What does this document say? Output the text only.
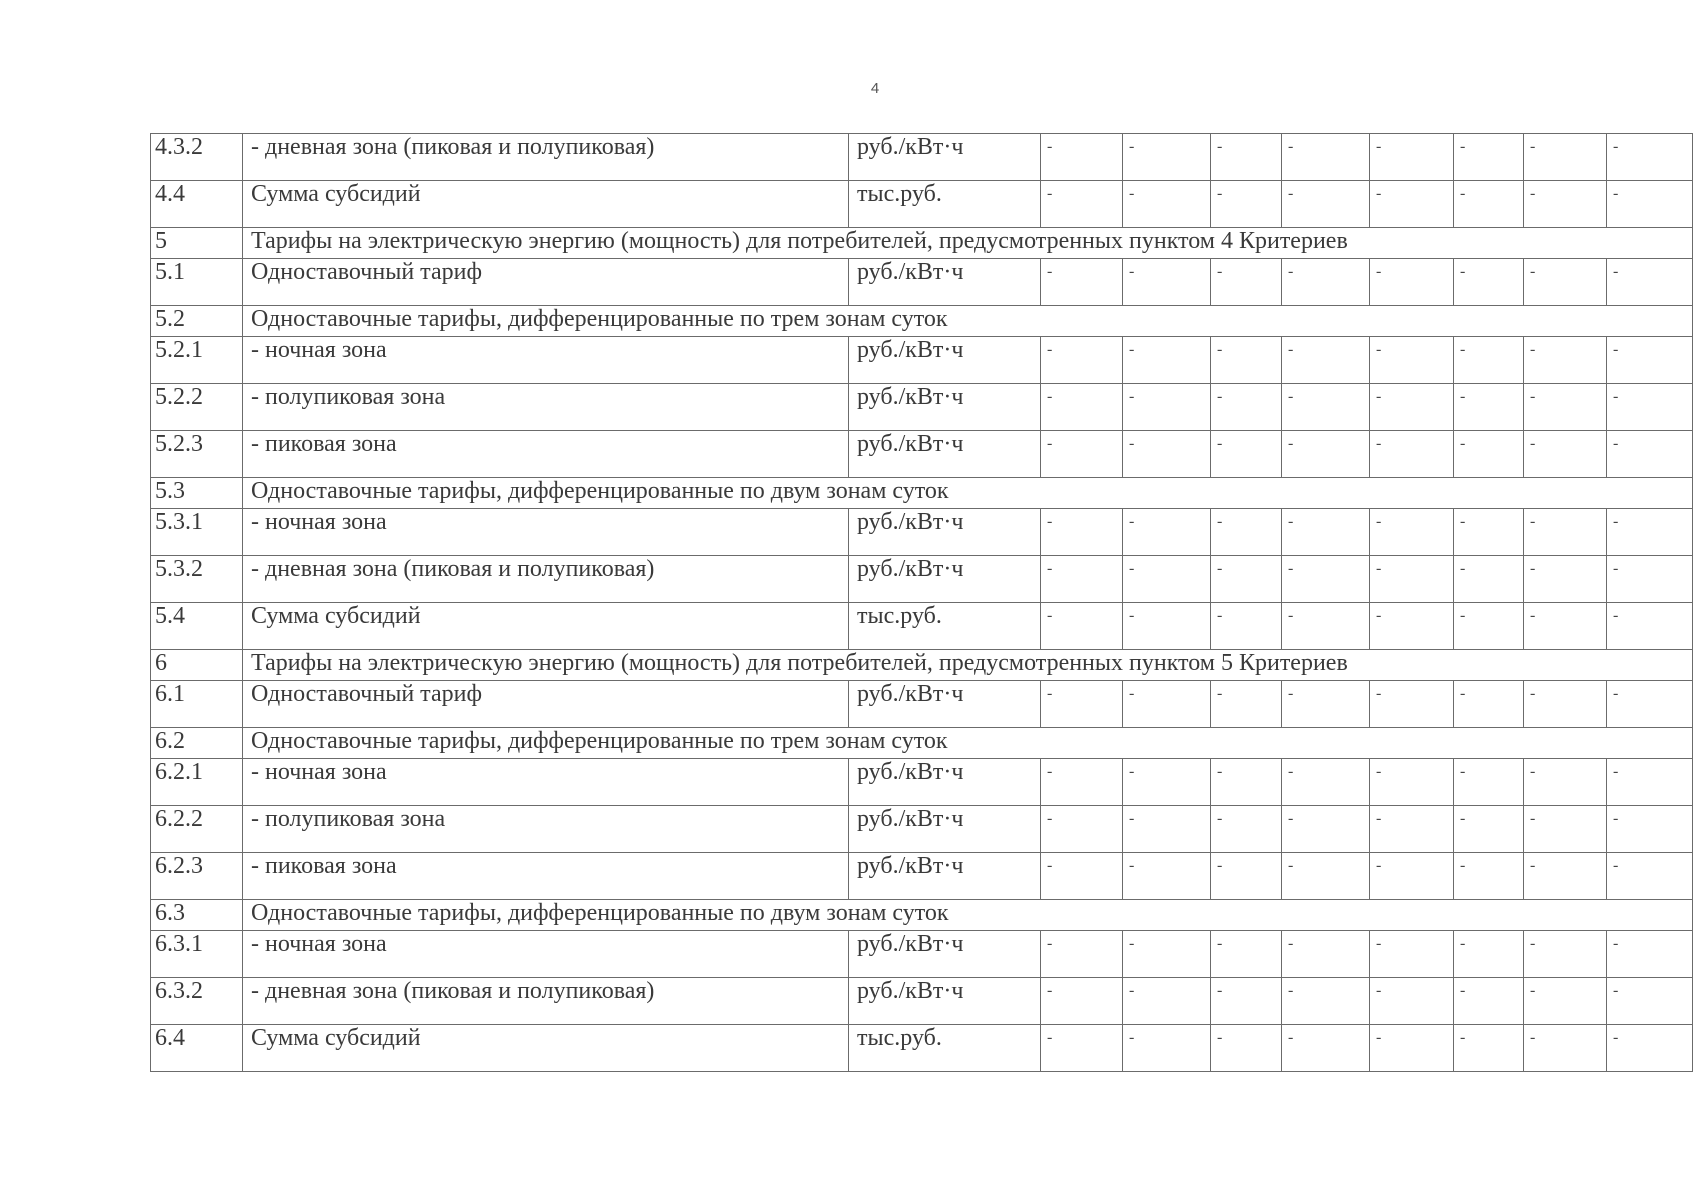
4
4.3.2	- дневная зона (пиковая и полупиковая)	руб./кВт·ч	-	-	-	-	-	-	-	-
4.4	Сумма субсидий	тыс.руб.	-	-	-	-	-	-	-	-
5	Тарифы на электрическую энергию (мощность) для потребителей, предусмотренных пунктом 4 Критериев									
5.1	Одноставочный тариф	руб./кВт·ч	-	-	-	-	-	-	-	-
5.2	Одноставочные тарифы, дифференцированные по трем зонам суток									
5.2.1	- ночная зона	руб./кВт·ч	-	-	-	-	-	-	-	-
5.2.2	- полупиковая зона	руб./кВт·ч	-	-	-	-	-	-	-	-
5.2.3	- пиковая зона	руб./кВт·ч	-	-	-	-	-	-	-	-
5.3	Одноставочные тарифы, дифференцированные по двум зонам суток									
5.3.1	- ночная зона	руб./кВт·ч	-	-	-	-	-	-	-	-
5.3.2	- дневная зона (пиковая и полупиковая)	руб./кВт·ч	-	-	-	-	-	-	-	-
5.4	Сумма субсидий	тыс.руб.	-	-	-	-	-	-	-	-
6	Тарифы на электрическую энергию (мощность) для потребителей, предусмотренных пунктом 5 Критериев									
6.1	Одноставочный тариф	руб./кВт·ч	-	-	-	-	-	-	-	-
6.2	Одноставочные тарифы, дифференцированные по трем зонам суток									
6.2.1	- ночная зона	руб./кВт·ч	-	-	-	-	-	-	-	-
6.2.2	- полупиковая зона	руб./кВт·ч	-	-	-	-	-	-	-	-
6.2.3	- пиковая зона	руб./кВт·ч	-	-	-	-	-	-	-	-
6.3	Одноставочные тарифы, дифференцированные по двум зонам суток									
6.3.1	- ночная зона	руб./кВт·ч	-	-	-	-	-	-	-	-
6.3.2	- дневная зона (пиковая и полупиковая)	руб./кВт·ч	-	-	-	-	-	-	-	-
6.4	Сумма субсидий	тыс.руб.	-	-	-	-	-	-	-	-
